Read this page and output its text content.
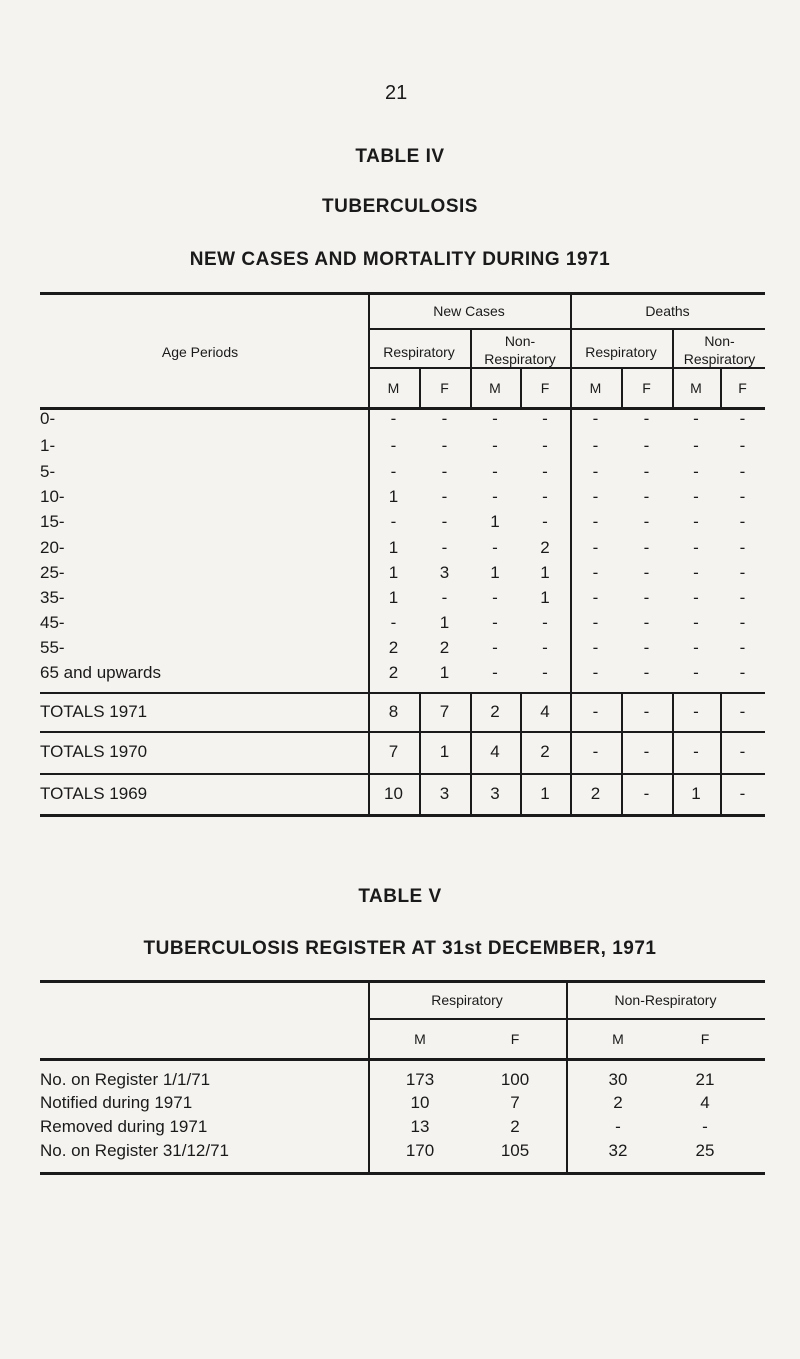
21
TABLE IV
TUBERCULOSIS
NEW CASES AND MORTALITY DURING 1971
Age Periods
New Cases	Deaths
Respiratory
Non-
Respiratory	Respiratory
Non-
Respiratory
M	F	M	F	M	F	M	F
0-	-	-	-	-	-	-	-	-
1-	-	-	-	-	-	-	-	-
5-	-	-	-	-	-	-	-	-
10-	1	-	-	-	-	-	-	-
15-	-	-	1	-	-	-	-	-
20-	1	-	-	2	-	-	-	-
25-	1	3	1	1	-	-	-	-
35-	1	-	-	1	-	-	-	-
45-	-	1	-	-	-	-	-	-
55-	2	2	-	-	-	-	-	-
65 and upwards	2	1	-	-	-	-	-	-
TOTALS 1971	8	7	2	4	-	-	-	-
TOTALS 1970	7	1	4	2	-	-	-	-
TOTALS 1969	10	3	3	1	2	-	1	-
TABLE V
TUBERCULOSIS REGISTER AT 31st DECEMBER, 1971
Respiratory	Non-Respiratory
M	F	M	F
No. on Register 1/1/71	173	100	30	21
Notified during 1971	10	7	2	4
Removed during 1971	13	2	-	-
No. on Register 31/12/71	170	105	32	25
